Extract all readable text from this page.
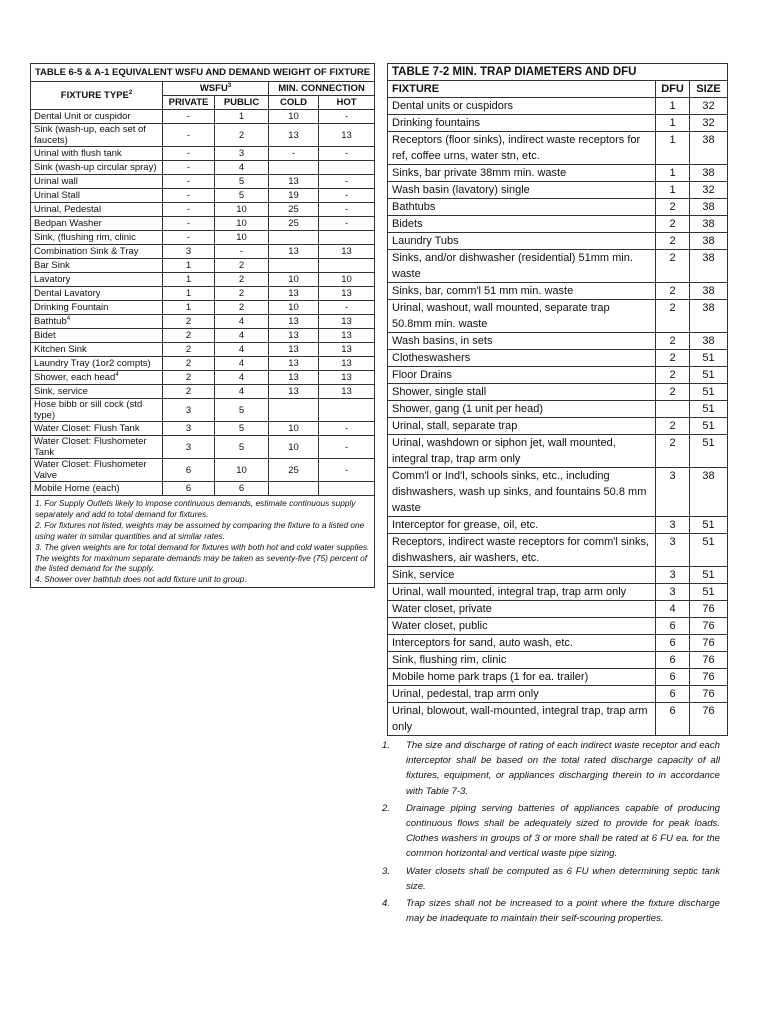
TABLE 6-5 & A-1 EQUIVALENT WSFU AND DEMAND WEIGHT OF FIXTURE				
FIXTURE TYPE$^2$	WSFU$^3$		MIN. CONNECTION	
	PRIVATE	PUBLIC	COLD	HOT
Dental Unit or cuspidor	-	1	10	-
Sink (wash-up, each set of faucets)	-	2	13	13
Urinal with flush tank	-	3	-	-
Sink (wash-up circular spray)	-	4		
Urinal wall	-	5	13	-
Urinal Stall	-	5	19	-
Urinal, Pedestal	-	10	25	-
Bedpan Washer	-	10	25	-
Sink, (flushing rim, clinic	-	10		
Combination Sink & Tray	3	-	13	13
Bar Sink	1	2		
Lavatory	1	2	10	10
Dental Lavatory	1	2	13	13
Drinking Fountain	1	2	10	-
Bathtub$^4$	2	4	13	13
Bidet	2	4	13	13
Kitchen Sink	2	4	13	13
Laundry Tray (1or2 compts)	2	4	13	13
Shower, each head$^4$	2	4	13	13
Sink, service	2	4	13	13
Hose bibb or sill cock (std type)	3	5		
Water Closet: Flush Tank	3	5	10	-
Water Closet: Flushometer Tank	3	5	10	-
Water Closet: Flushometer Valve	6	10	25	-
Mobile Home (each)	6	6		

1. For Supply Outlets likely to impose continuous demands, estimate continuous supply separately and add to total demand for fixtures.
2. For fixtures not listed, weights may be assumed by comparing the fixture to a listed one using water in similar quantities and at similar rates.
3. The given weights are for total demand for fixtures with both hot and cold water supplies. The weights for maximum separate demands may be taken as seventy-five (75) percent of the listed demand for the supply.
4. Shower over bathtub does not add fixture unit to group.				
TABLE 7-2 MIN. TRAP DIAMETERS AND DFU		
FIXTURE	DFU	SIZE
Dental units or cuspidors	1	32
Drinking fountains	1	32
Receptors (floor sinks), indirect waste receptors for ref, coffee urns, water stn, etc.	1	38
Sinks, bar private 38mm min. waste	1	38
Wash basin (lavatory) single	1	32
Bathtubs	2	38
Bidets	2	38
Laundry Tubs	2	38
Sinks, and/or dishwasher (residential) 51mm min. waste	2	38
Sinks, bar, comm'l 51 mm min. waste	2	38
Urinal, washout, wall mounted, separate trap 50.8mm min. waste	2	38
Wash basins, in sets	2	38
Clotheswashers	2	51
Floor Drains	2	51
Shower, single stall	2	51
Shower, gang (1 unit per head)		51
Urinal, stall, separate trap	2	51
Urinal, washdown or siphon jet, wall mounted, integral trap, trap arm only	2	51
Comm'l or Ind'l, schools sinks, etc., including dishwashers, wash up sinks, and fountains 50.8 mm waste	3	38
Interceptor for grease, oil, etc.	3	51
Receptors, indirect waste receptors for comm'l sinks, dishwashers, air washers, etc.	3	51
Sink, service	3	51
Urinal, wall mounted, integral trap, trap arm only	3	51
Water closet, private	4	76
Water closet, public	6	76
Interceptors for sand, auto wash, etc.	6	76
Sink, flushing rim, clinic	6	76
Mobile home park traps (1 for ea. trailer)	6	76
Urinal, pedestal, trap arm only	6	76
Urinal, blowout, wall-mounted, integral trap, trap arm only	6	76
1.	The size and discharge of rating of each indirect waste receptor and each interceptor shall be based on the total rated discharge capacity of all fixtures, equipment, or appliances discharging therein to in accordance with Table 7-3.
2.	Drainage piping serving batteries of appliances capable of producing continuous flows shall be adequately sized to provide for peak loads. Clothes washers in groups of 3 or more shall be rated at 6 FU ea. for the common horizontal and vertical waste pipe sizing.
3.	Water closets shall be computed as 6 FU when determining septic tank size.
4.	Trap sizes shall not be increased to a point where the fixture discharge may be inadequate to maintain their self-scouring properties.
